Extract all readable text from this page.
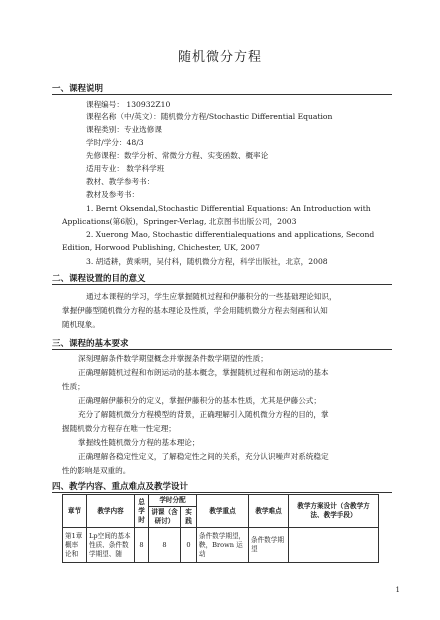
随机微分方程
一、课程说明
课程编号： 130932Z10
课程名称（中/英文）：随机微分方程/Stochastic Differential Equation
课程类别：专业选修课
学时/学分：48/3
先修课程：数学分析、常微分方程、实变函数、概率论
适用专业： 数学科学班
教材、教学参考书：
教材及参考书：
1. Bernt Oksendal,Stochastic Differential Equations: An Introduction with
Applications(第6版)，Springer-Verlag, 北京图书出版公司，2003
2. Xuerong Mao, Stochastic differentialequations and applications, Second
Edition, Horwood Publishing, Chichester, UK, 2007
3. 胡适耕，黄乘明，吴付科，随机微分方程，科学出版社，北京，2008
二、课程设置的目的意义
通过本课程的学习，学生应掌握随机过程和伊藤积分的一些基础理论知识，
掌握伊藤型随机微分方程的基本理论及性质，学会用随机微分方程去刻画和认知
随机现象。
三、课程的基本要求
深刻理解条件数学期望概念并掌握条件数学期望的性质；
正确理解随机过程和布朗运动的基本概念，掌握随机过程和布朗运动的基本
性质；
正确理解伊藤积分的定义，掌握伊藤积分的基本性质，尤其是伊藤公式；
充分了解随机微分方程模型的背景，正确理解引入随机微分方程的目的，掌
握随机微分方程存在唯一性定理；
掌握线性随机微分方程的基本理论；
正确理解各稳定性定义，了解稳定性之间的关系，充分认识噪声对系统稳定
性的影响是双重的。
四、教学内容、重点难点及教学设计
章节	教学内容	总学时	学时分配		教学重点	教学难点	教学方案设计（含教学方法、教学手段）
			讲课（含研讨）	实践			
第1章 概率论和	Lp空间的基本性质、条件数学期望、随	8	8	0	条件数学期望，鞅，Brown 运动	条件数学期望	
1
